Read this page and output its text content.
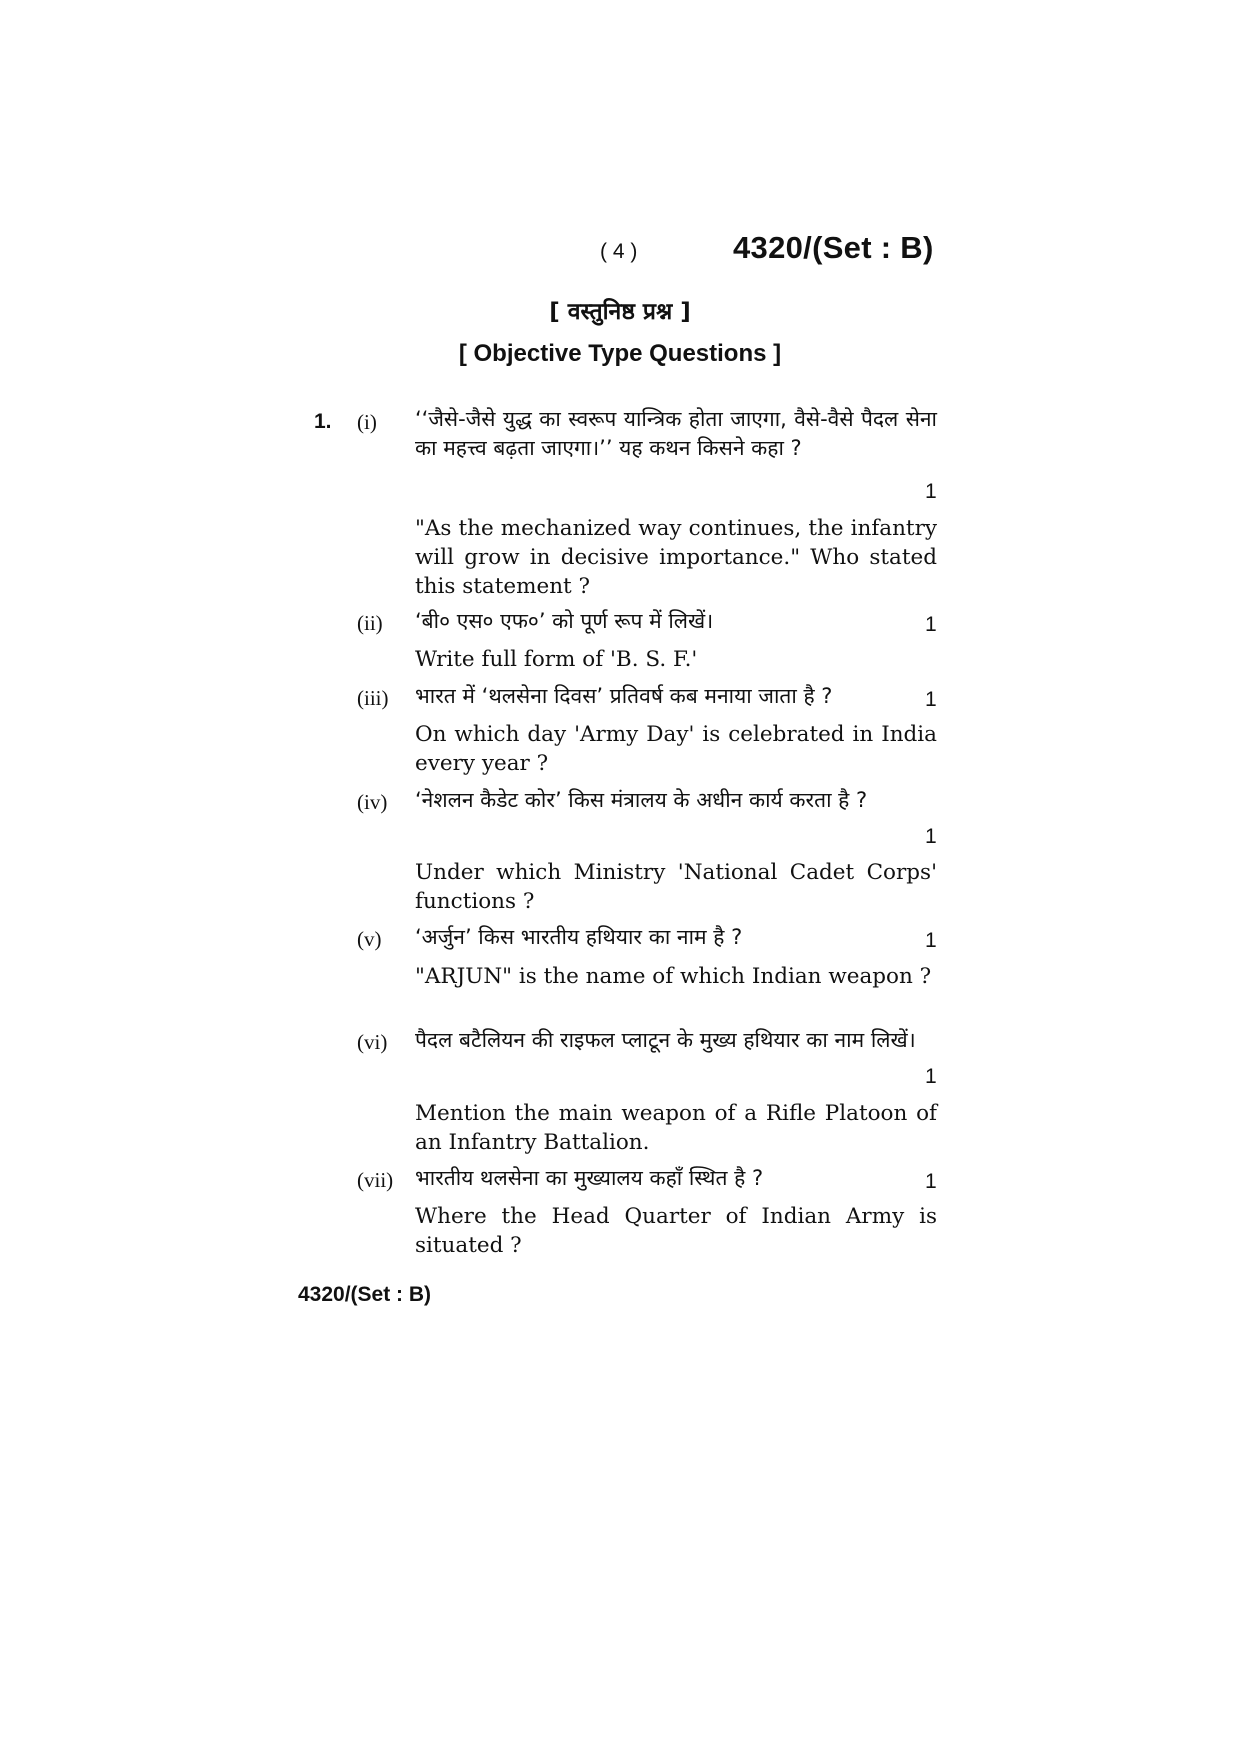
( 4 )	4320/(Set : B)
[ वस्तुनिष्ठ प्रश्न ]
[ Objective Type Questions ]
1. (i) ‘‘जैसे-जैसे युद्ध का स्वरूप यान्त्रिक होता जाएगा, वैसे-वैसे पैदल सेना का महत्त्व बढ़ता जाएगा।’’ यह कथन किसने कहा ?
1
"As the mechanized way continues, the infantry will grow in decisive importance." Who stated this statement ?
(ii) ‘बी० एस० एफ०’ को पूर्ण रूप में लिखें।	1
Write full form of 'B. S. F.'
(iii) भारत में ‘थलसेना दिवस’ प्रतिवर्ष कब मनाया जाता है ?	1
On which day 'Army Day' is celebrated in India every year ?
(iv) ‘नेशलन कैडेट कोर’ किस मंत्रालय के अधीन कार्य करता है ?
1
Under which Ministry 'National Cadet Corps' functions ?
(v) ‘अर्जुन’ किस भारतीय हथियार का नाम है ?	1
"ARJUN" is the name of which Indian weapon ?
(vi) पैदल बटैलियन की राइफल प्लाटून के मुख्य हथियार का नाम लिखें।
1
Mention the main weapon of a Rifle Platoon of an Infantry Battalion.
(vii) भारतीय थलसेना का मुख्यालय कहाँ स्थित है ?	1
Where the Head Quarter of Indian Army is situated ?
4320/(Set : B)
